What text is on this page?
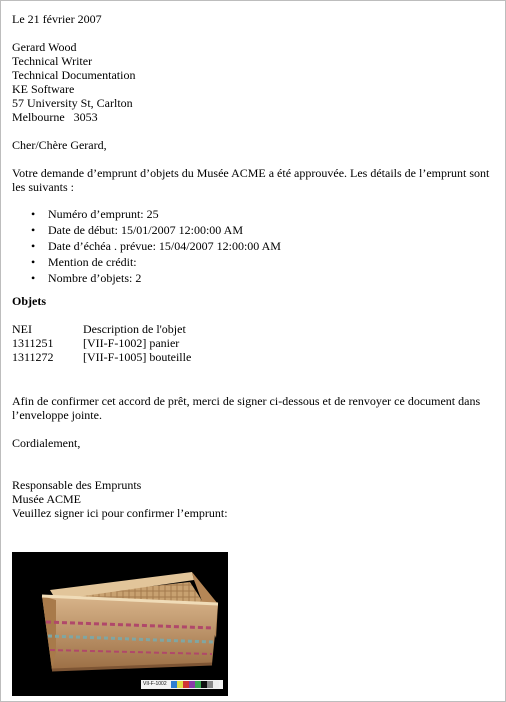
Le 21 février 2007
Gerard Wood
Technical Writer
Technical Documentation
KE Software
57 University St, Carlton
Melbourne   3053
Cher/Chère Gerard,
Votre demande d’emprunt d’objets du Musée ACME a été approuvée. Les détails de l’emprunt sont les suivants :
• Numéro d’emprunt: 25
• Date de début: 15/01/2007 12:00:00 AM
• Date d’échéa . prévue: 15/04/2007 12:00:00 AM
• Mention de crédit:
• Nombre d’objets: 2
Objets
NEI	Description de l'objet
1311251	[VII-F-1002] panier
1311272	[VII-F-1005] bouteille
Afin de confirmer cet accord de prêt, merci de signer ci-dessous et de renvoyer ce document dans l’enveloppe jointe.
Cordialement,
Responsable des Emprunts
Musée ACME
Veuillez signer ici pour confirmer l’emprunt:
VII-F-1002
